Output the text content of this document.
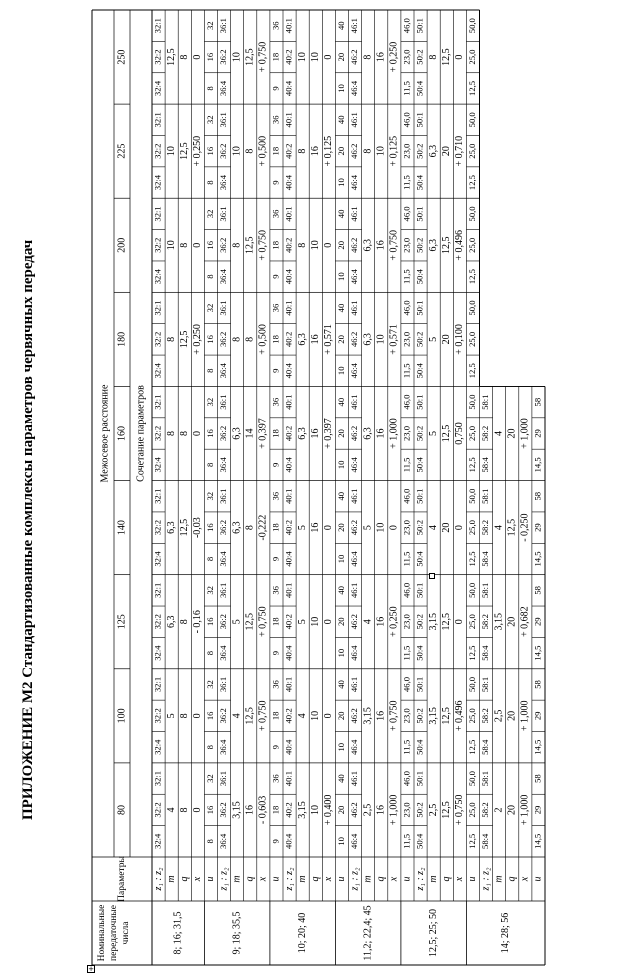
ПРИЛОЖЕНИЕ М2 Стандартизованные комплексы параметров червячных передач
Номинальные передаточные числа
Параметры
Межосевое расстояние
80
100
125
140
160
180
200
225
250
Сочетание параметров
z₁ : z₂
32:4
32:2
32:1
32:4
32:2
32:1
32:4
32:2
32:1
32:4
32:2
32:1
32:4
32:2
32:1
32:4
32:2
32:1
32:4
32:2
32:1
32:4
32:2
32:1
32:4
32:2
32:1
m
4
5
6,3
6,3
8
8
10
10
12,5
q
8
8
8
12,5
8
12,5
8
12,5
8
x
0
0
- 0,16
-0,03
0
+ 0,250
0
+ 0,250
0
8; 16; 31,5
u
8
16
32
8
16
32
8
16
32
8
16
32
8
16
32
8
16
32
8
16
32
8
16
32
8
16
32
z₁ : z₂
36:4
36:2
36:1
36:4
36:2
36:1
36:4
36:2
36:1
36:4
36:2
36:1
36:4
36:2
36:1
36:4
36:2
36:1
36:4
36:2
36:1
36:4
36:2
36:1
36:4
36:2
36:1
m
3,15
4
5
6,3
6,3
8
8
10
10
q
16
12,5
12,5
8
14
8
12,5
8
12,5
x
- 0,603
+ 0,750
+ 0,750
-0,222
+ 0,397
+ 0,500
+ 0,750
+ 0,500
+ 0,750
9; 18; 35,5
u
9
18
36
9
18
36
9
18
36
9
18
36
9
18
36
9
18
36
9
18
36
9
18
36
9
18
36
z₁ : z₂
40:4
40:2
40:1
40:4
40:2
40:1
40:4
40:2
40:1
40:4
40:2
40:1
40:4
40:2
40:1
40:4
40:2
40:1
40:4
40:2
40:1
40:4
40:2
40:1
40:4
40:2
40:1
m
3,15
4
5
5
6,3
6,3
8
8
10
q
10
10
10
16
16
16
10
16
10
x
+ 0,400
0
0
0
+ 0,397
+ 0,571
0
+ 0,125
0
10; 20; 40
u
10
20
40
10
20
40
10
20
40
10
20
40
10
20
40
10
20
40
10
20
40
10
20
40
10
20
40
z₁ : z₂
46:4
46:2
46:1
46:4
46:2
46:1
46:4
46:2
46:1
46:4
46:2
46:1
46:4
46:2
46:1
46:4
46:2
46:1
46:4
46:2
46:1
46:4
46:2
46:1
46:4
46:2
46:1
m
2,5
3,15
4
5
6,3
6,3
6,3
8
8
q
16
16
16
10
16
10
16
10
16
x
+ 1,000
+ 0,750
+ 0,250
0
+ 1,000
+ 0,571
+ 0,750
+ 0,125
+ 0,250
11,2; 22,4; 45
u
11,5
23,0
46,0
11,5
23,0
46,0
11,5
23,0
46,0
11,5
23,0
46,0
11,5
23,0
46,0
11,5
23,0
46,0
11,5
23,0
46,0
11,5
23,0
46,0
11,5
23,0
46,0
z₁ : z₂
50:4
50:2
50:1
50:4
50:2
50:1
50:4
50:2
50:1
50:4
50:2
50:1
50:4
50:2
50:1
50:4
50:2
50:1
50:4
50:2
50:1
50:4
50:2
50:1
50:4
50:2
50:1
m
2,5
3,15
3,15
4
5
5
6,3
6,3
8
q
12,5
12,5
12,5
20
12,5
20
12,5
20
12,5
x
+ 0,750
+ 0,496
0
0
0,750
+ 0,100
+ 0,496
+ 0,710
0
12,5; 25; 50
u
12,5
25,0
50,0
12,5
25,0
50,0
12,5
25,0
50,0
12,5
25,0
50,0
12,5
25,0
50,0
12,5
25,0
50,0
12,5
25,0
50,0
12,5
25,0
50,0
12,5
25,0
50,0
z₁ : z₂
58:4
58:2
58:1
58:4
58:2
58:1
58:4
58:2
58:1
58:4
58:2
58:1
58:4
58:2
58:1
m
2
2,5
3,15
4
4
q
20
20
20
12,5
20
x
+ 1,000
+ 1,000
+ 0,682
- 0,250
+ 1,000
u
14,5
29
58
14,5
29
58
14,5
29
58
14,5
29
58
14,5
29
58
14; 28; 56
+
